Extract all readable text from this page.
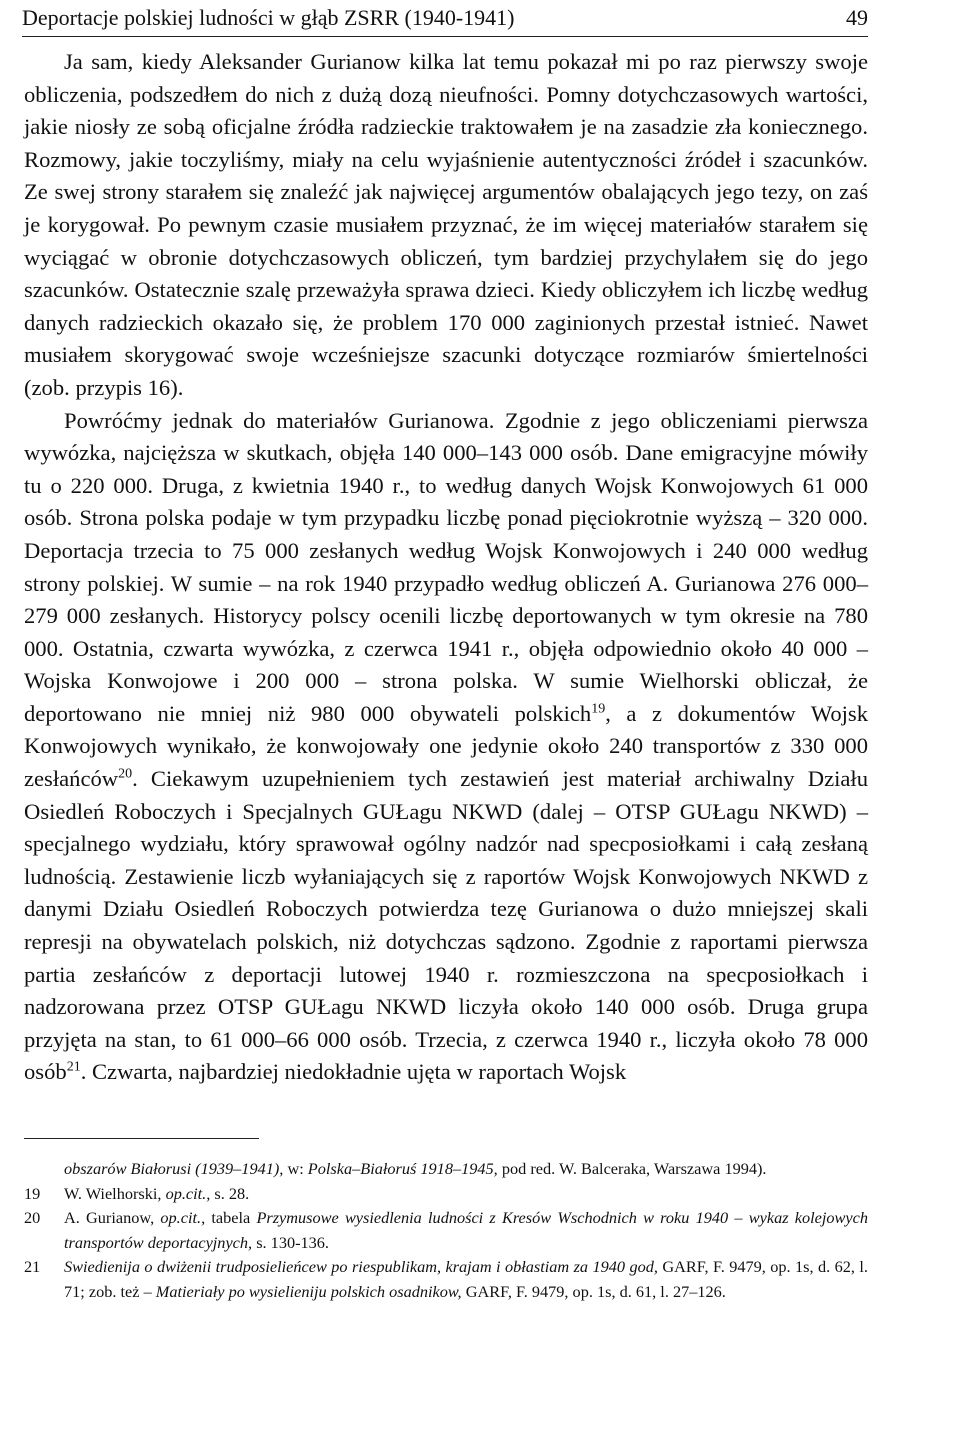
Deportacje polskiej ludności w głąb ZSRR (1940-1941)	49

Ja sam, kiedy Aleksander Gurianow kilka lat temu pokazał mi po raz pierwszy swoje obliczenia, podszedłem do nich z dużą dozą nieufności. Pomny dotychczasowych wartości, jakie niosły ze sobą oficjalne źródła radzieckie traktowałem je na zasadzie zła koniecznego. Rozmowy, jakie toczyliśmy, miały na celu wyjaśnienie autentyczności źródeł i szacunków. Ze swej strony starałem się znaleźć jak najwięcej argumentów obalających jego tezy, on zaś je korygował. Po pewnym czasie musiałem przyznać, że im więcej materiałów starałem się wyciągać w obronie dotychczasowych obliczeń, tym bardziej przychylałem się do jego szacunków. Ostatecznie szalę przeważyła sprawa dzieci. Kiedy obliczyłem ich liczbę według danych radzieckich okazało się, że problem 170 000 zaginionych przestał istnieć. Nawet musiałem skorygować swoje wcześniejsze szacunki dotyczące rozmiarów śmiertelności (zob. przypis 16).

Powróćmy jednak do materiałów Gurianowa. Zgodnie z jego obliczeniami pierwsza wywózka, najcięższa w skutkach, objęła 140 000–143 000 osób. Dane emigracyjne mówiły tu o 220 000. Druga, z kwietnia 1940 r., to według danych Wojsk Konwojowych 61 000 osób. Strona polska podaje w tym przypadku liczbę ponad pięciokrotnie wyższą – 320 000. Deportacja trzecia to 75 000 zesłanych według Wojsk Konwojowych i 240 000 według strony polskiej. W sumie – na rok 1940 przypadło według obliczeń A. Gurianowa 276 000–279 000 zesłanych. Historycy polscy ocenili liczbę deportowanych w tym okresie na 780 000. Ostatnia, czwarta wywózka, z czerwca 1941 r., objęła odpowiednio około 40 000 – Wojska Konwojowe i 200 000 – strona polska. W sumie Wielhorski obliczał, że deportowano nie mniej niż 980 000 obywateli polskich$^{19}$, a z dokumentów Wojsk Konwojowych wynikało, że konwojowały one jedynie około 240 transportów z 330 000 zesłańców$^{20}$. Ciekawym uzupełnieniem tych zestawień jest materiał archiwalny Działu Osiedleń Roboczych i Specjalnych GUŁagu NKWD (dalej – OTSP GUŁagu NKWD) – specjalnego wydziału, który sprawował ogólny nadzór nad specposiołkami i całą zesłaną ludnością. Zestawienie liczb wyłaniających się z raportów Wojsk Konwojowych NKWD z danymi Działu Osiedleń Roboczych potwierdza tezę Gurianowa o dużo mniejszej skali represji na obywatelach polskich, niż dotychczas sądzono. Zgodnie z raportami pierwsza partia zesłańców z deportacji lutowej 1940 r. rozmieszczona na specposiołkach i nadzorowana przez OTSP GUŁagu NKWD liczyła około 140 000 osób. Druga grupa przyjęta na stan, to 61 000–66 000 osób. Trzecia, z czerwca 1940 r., liczyła około 78 000 osób$^{21}$. Czwarta, najbardziej niedokładnie ujęta w raportach Wojsk

obszarów Białorusi (1939–1941), w: Polska–Białoruś 1918–1945, pod red. W. Balceraka, Warszawa 1994).
19 W. Wielhorski, op.cit., s. 28.
20 A. Gurianow, op.cit., tabela Przymusowe wysiedlenia ludności z Kresów Wschodnich w roku 1940 – wykaz kolejowych transportów deportacyjnych, s. 130-136.
21 Swiedienija o dwiżenii trudposielieńcew po riespublikam, krajam i obłastiam za 1940 god, GARF, F. 9479, op. 1s, d. 62, l. 71; zob. też – Matieriały po wysielieniju polskich osadnikow, GARF, F. 9479, op. 1s, d. 61, l. 27–126.
